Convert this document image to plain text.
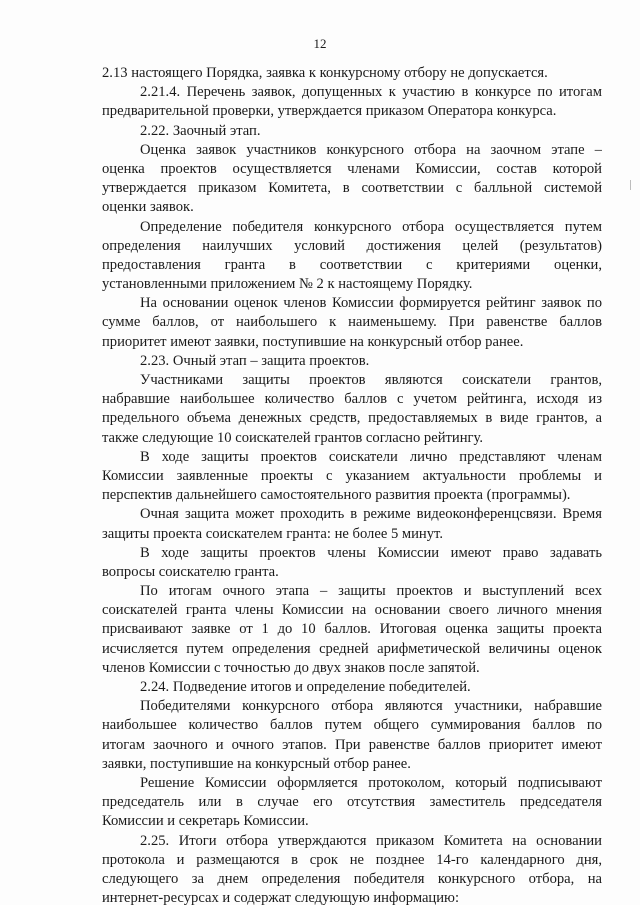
12
2.13 настоящего Порядка, заявка к конкурсному отбору не допускается.
2.21.4. Перечень заявок, допущенных к участию в конкурсе по итогам
предварительной проверки, утверждается приказом Оператора конкурса.
2.22. Заочный этап.
Оценка заявок участников конкурсного отбора на заочном этапе –
оценка проектов осуществляется членами Комиссии, состав которой
утверждается приказом Комитета, в соответствии с балльной системой
оценки заявок.
Определение победителя конкурсного отбора осуществляется путем
определения наилучших условий достижения целей (результатов)
предоставления гранта в соответствии с критериями оценки,
установленными приложением № 2 к настоящему Порядку.
На основании оценок членов Комиссии формируется рейтинг заявок по
сумме баллов, от наибольшего к наименьшему. При равенстве баллов
приоритет имеют заявки, поступившие на конкурсный отбор ранее.
2.23. Очный этап – защита проектов.
Участниками защиты проектов являются соискатели грантов,
набравшие наибольшее количество баллов с учетом рейтинга, исходя из
предельного объема денежных средств, предоставляемых в виде грантов, а
также следующие 10 соискателей грантов согласно рейтингу.
В ходе защиты проектов соискатели лично представляют членам
Комиссии заявленные проекты с указанием актуальности проблемы и
перспектив дальнейшего самостоятельного развития проекта (программы).
Очная защита может проходить в режиме видеоконференцсвязи. Время
защиты проекта соискателем гранта: не более 5 минут.
В ходе защиты проектов члены Комиссии имеют право задавать
вопросы соискателю гранта.
По итогам очного этапа – защиты проектов и выступлений всех
соискателей гранта члены Комиссии на основании своего личного мнения
присваивают заявке от 1 до 10 баллов. Итоговая оценка защиты проекта
исчисляется путем определения средней арифметической величины оценок
членов Комиссии с точностью до двух знаков после запятой.
2.24. Подведение итогов и определение победителей.
Победителями конкурсного отбора являются участники, набравшие
наибольшее количество баллов путем общего суммирования баллов по
итогам заочного и очного этапов. При равенстве баллов приоритет имеют
заявки, поступившие на конкурсный отбор ранее.
Решение Комиссии оформляется протоколом, который подписывают
председатель или в случае его отсутствия заместитель председателя
Комиссии и секретарь Комиссии.
2.25. Итоги отбора утверждаются приказом Комитета на основании
протокола и размещаются в срок не позднее 14-го календарного дня,
следующего за днем определения победителя конкурсного отбора, на
интернет-ресурсах и содержат следующую информацию:
